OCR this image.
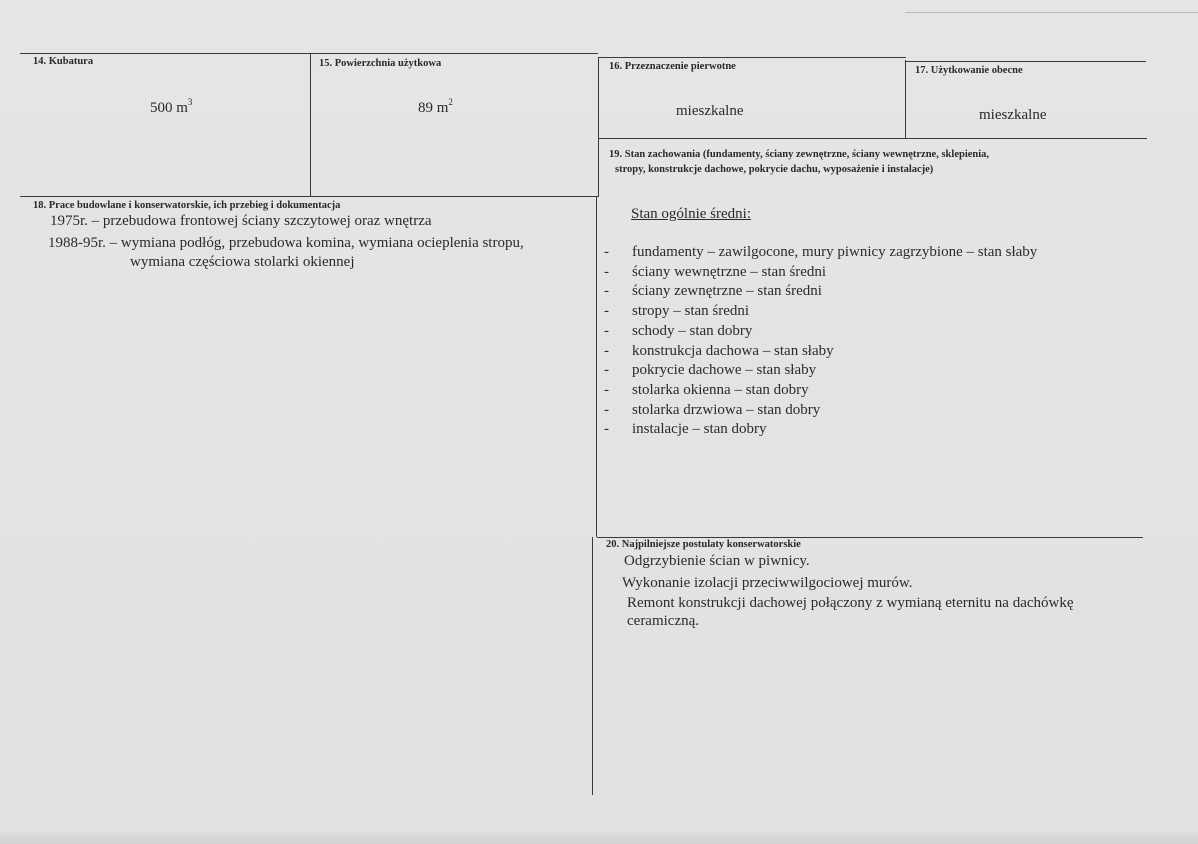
14. Kubatura
500 $m^3$
15. Powierzchnia użytkowa
89 $m^2$
16. Przeznaczenie pierwotne
mieszkalne
17. Użytkowanie obecne
mieszkalne
18. Prace budowlane i konserwatorskie, ich przebieg i dokumentacja
1975r. – przebudowa frontowej ściany szczytowej oraz wnętrza
1988-95r. – wymiana podłóg, przebudowa komina, wymiana ocieplenia stropu,
wymiana częściowa stolarki okiennej
19. Stan zachowania (fundamenty, ściany zewnętrzne, ściany wewnętrzne, sklepienia,
stropy, konstrukcje dachowe, pokrycie dachu, wyposażenie i instalacje)
Stan ogólnie średni:
- fundamenty – zawilgocone, mury piwnicy zagrzybione – stan słaby
- ściany wewnętrzne – stan średni
- ściany zewnętrzne – stan średni
- stropy – stan średni
- schody – stan dobry
- konstrukcja dachowa – stan słaby
- pokrycie dachowe – stan słaby
- stolarka okienna – stan dobry
- stolarka drzwiowa – stan dobry
- instalacje – stan dobry
20. Najpilniejsze postulaty konserwatorskie
Odgrzybienie ścian w piwnicy.
Wykonanie izolacji przeciwwilgociowej murów.
Remont konstrukcji dachowej połączony z wymianą eternitu na dachówkę
ceramiczną.
